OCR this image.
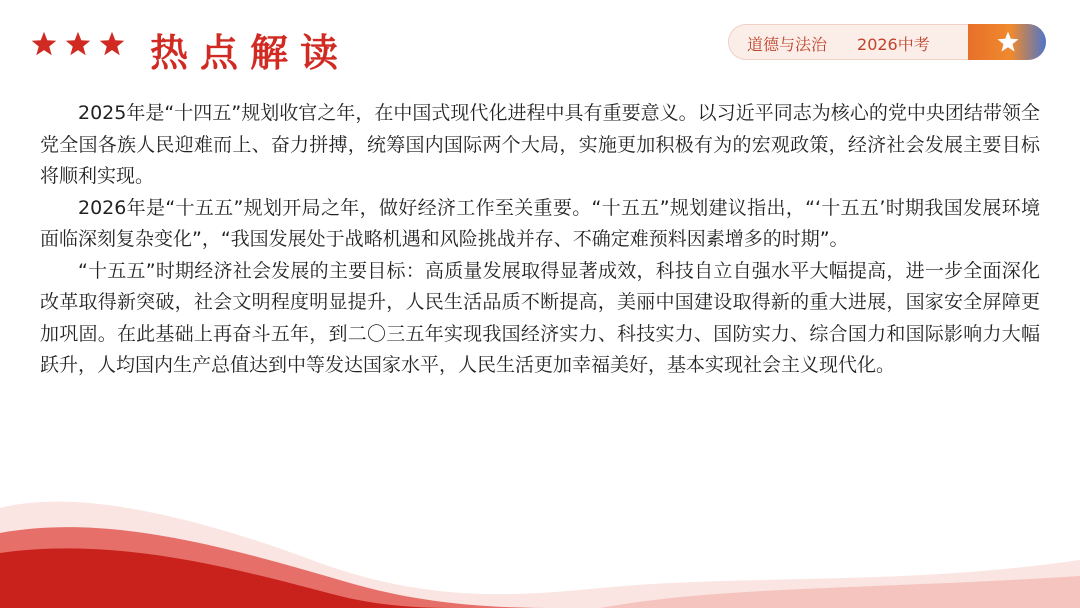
热点解读	道德与法治 2026中考

2025年是“十四五”规划收官之年，在中国式现代化进程中具有重要意义。以习近平同志为核心的党中央团结带领全党全国各族人民迎难而上、奋力拼搏，统筹国内国际两个大局，实施更加积极有为的宏观政策，经济社会发展主要目标将顺利实现。

2026年是“十五五”规划开局之年，做好经济工作至关重要。“十五五”规划建议指出，“‘十五五’时期我国发展环境面临深刻复杂变化”，“我国发展处于战略机遇和风险挑战并存、不确定难预料因素增多的时期”。

“十五五”时期经济社会发展的主要目标：高质量发展取得显著成效，科技自立自强水平大幅提高，进一步全面深化改革取得新突破，社会文明程度明显提升，人民生活品质不断提高，美丽中国建设取得新的重大进展，国家安全屏障更加巩固。在此基础上再奋斗五年，到二〇三五年实现我国经济实力、科技实力、国防实力、综合国力和国际影响力大幅跃升，人均国内生产总值达到中等发达国家水平，人民生活更加幸福美好，基本实现社会主义现代化。
